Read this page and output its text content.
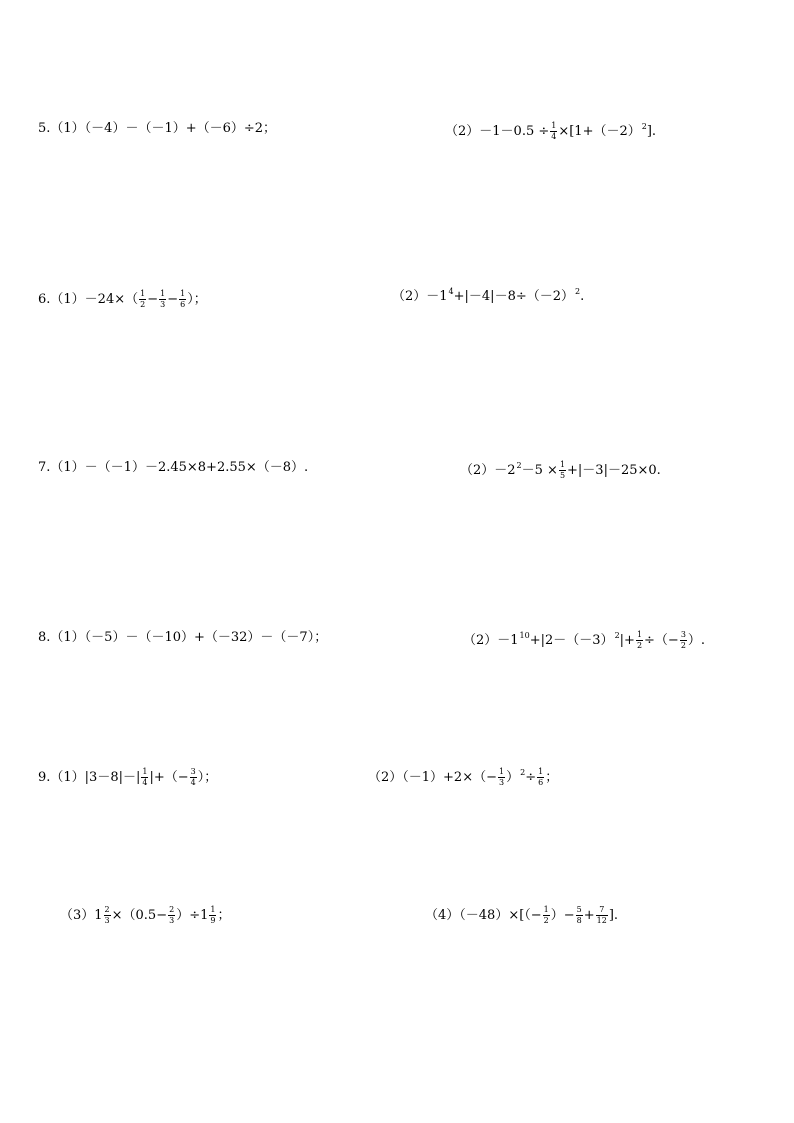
5.（1）（－4）－（－1）+（－6）÷2；	$(2)-1-0.5 \div \frac{1}{4} \times[1+(-2)$ 2 ].
$6.(1)-24\times( \frac{1}{2} - \frac{1}{3} - \frac{1}{6}$ ）；	（2）－1 4 +|－4|－8÷（－2） 2 .
7.（1）－（－1）－2.45×8+2.55×（－8）.	（2）－2 $2 -5 \times \frac{1}{5} +|-3|-25\times 0$.
8.（1）（－5）－（－10）+（－32）－（－7）；	（2）－1 10 +|2－（－3） 2 |+ $\frac{1}{2}$ ÷（− $\frac{3}{2}$ ）.
$9.(1)|3-8|-| \frac{1}{4}$ |+（− $\frac{3}{4}$ ）；	$(2)(-1)+2\times(- \frac{1}{3}$ ） $2 \div \frac{1}{6}$ ；
$(3)1 \frac{2}{3} \times(0.5- \frac{2}{3} )\div 1 \frac{1}{9}$ ；	$(4)(-48)\times[(- \frac{1}{2}$ ）− $\frac{5}{8} + \frac{7}{12}$ ].
